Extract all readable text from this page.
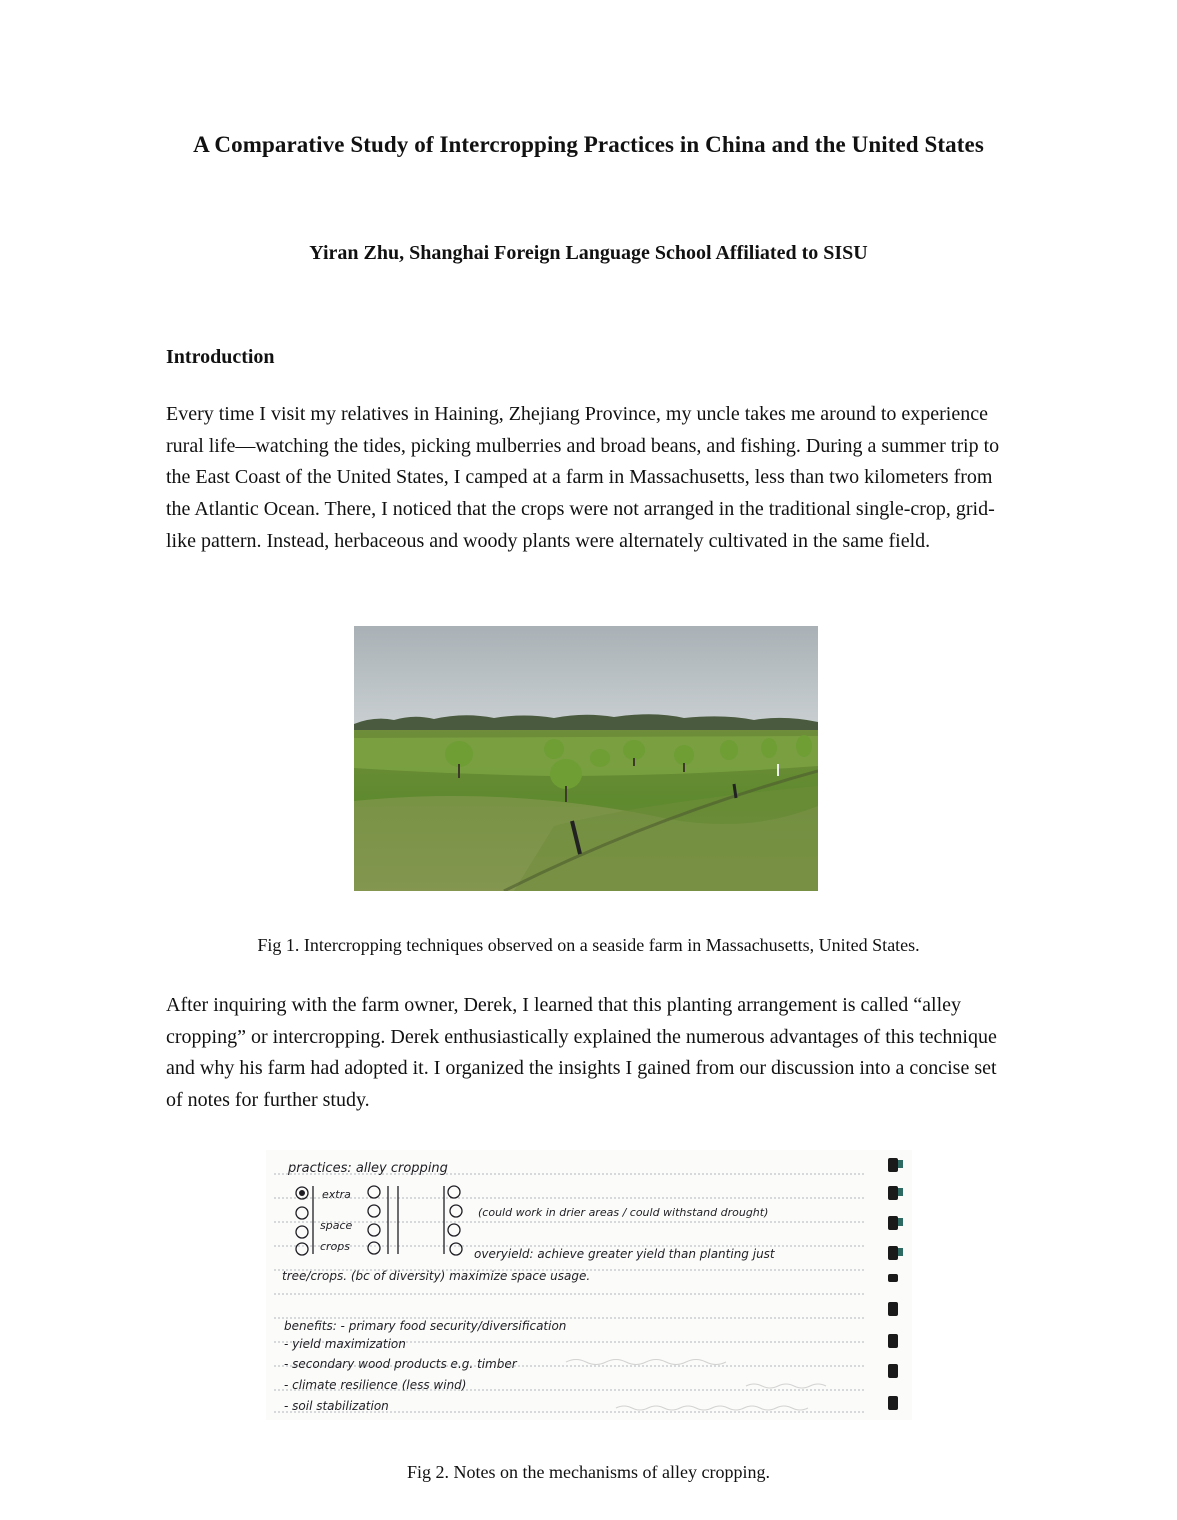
A Comparative Study of Intercropping Practices in China and the United States

Yiran Zhu, Shanghai Foreign Language School Affiliated to SISU

Introduction

Every time I visit my relatives in Haining, Zhejiang Province, my uncle takes me around to experience rural life—watching the tides, picking mulberries and broad beans, and fishing. During a summer trip to the East Coast of the United States, I camped at a farm in Massachusetts, less than two kilometers from the Atlantic Ocean. There, I noticed that the crops were not arranged in the traditional single-crop, grid-like pattern. Instead, herbaceous and woody plants were alternately cultivated in the same field.

Fig 1. Intercropping techniques observed on a seaside farm in Massachusetts, United States.

After inquiring with the farm owner, Derek, I learned that this planting arrangement is called “alley cropping” or intercropping. Derek enthusiastically explained the numerous advantages of this technique and why his farm had adopted it. I organized the insights I gained from our discussion into a concise set of notes for further study.

practices: alley cropping
extra
space
crops
(could work in drier areas / could withstand drought)
overyield: achieve greater yield than planting just
tree/crops. (bc of diversity) maximize space usage.
benefits: - primary food security/diversification
- yield maximization
- secondary wood products e.g. timber
- climate resilience (less wind)
- soil stabilization

Fig 2. Notes on the mechanisms of alley cropping.
